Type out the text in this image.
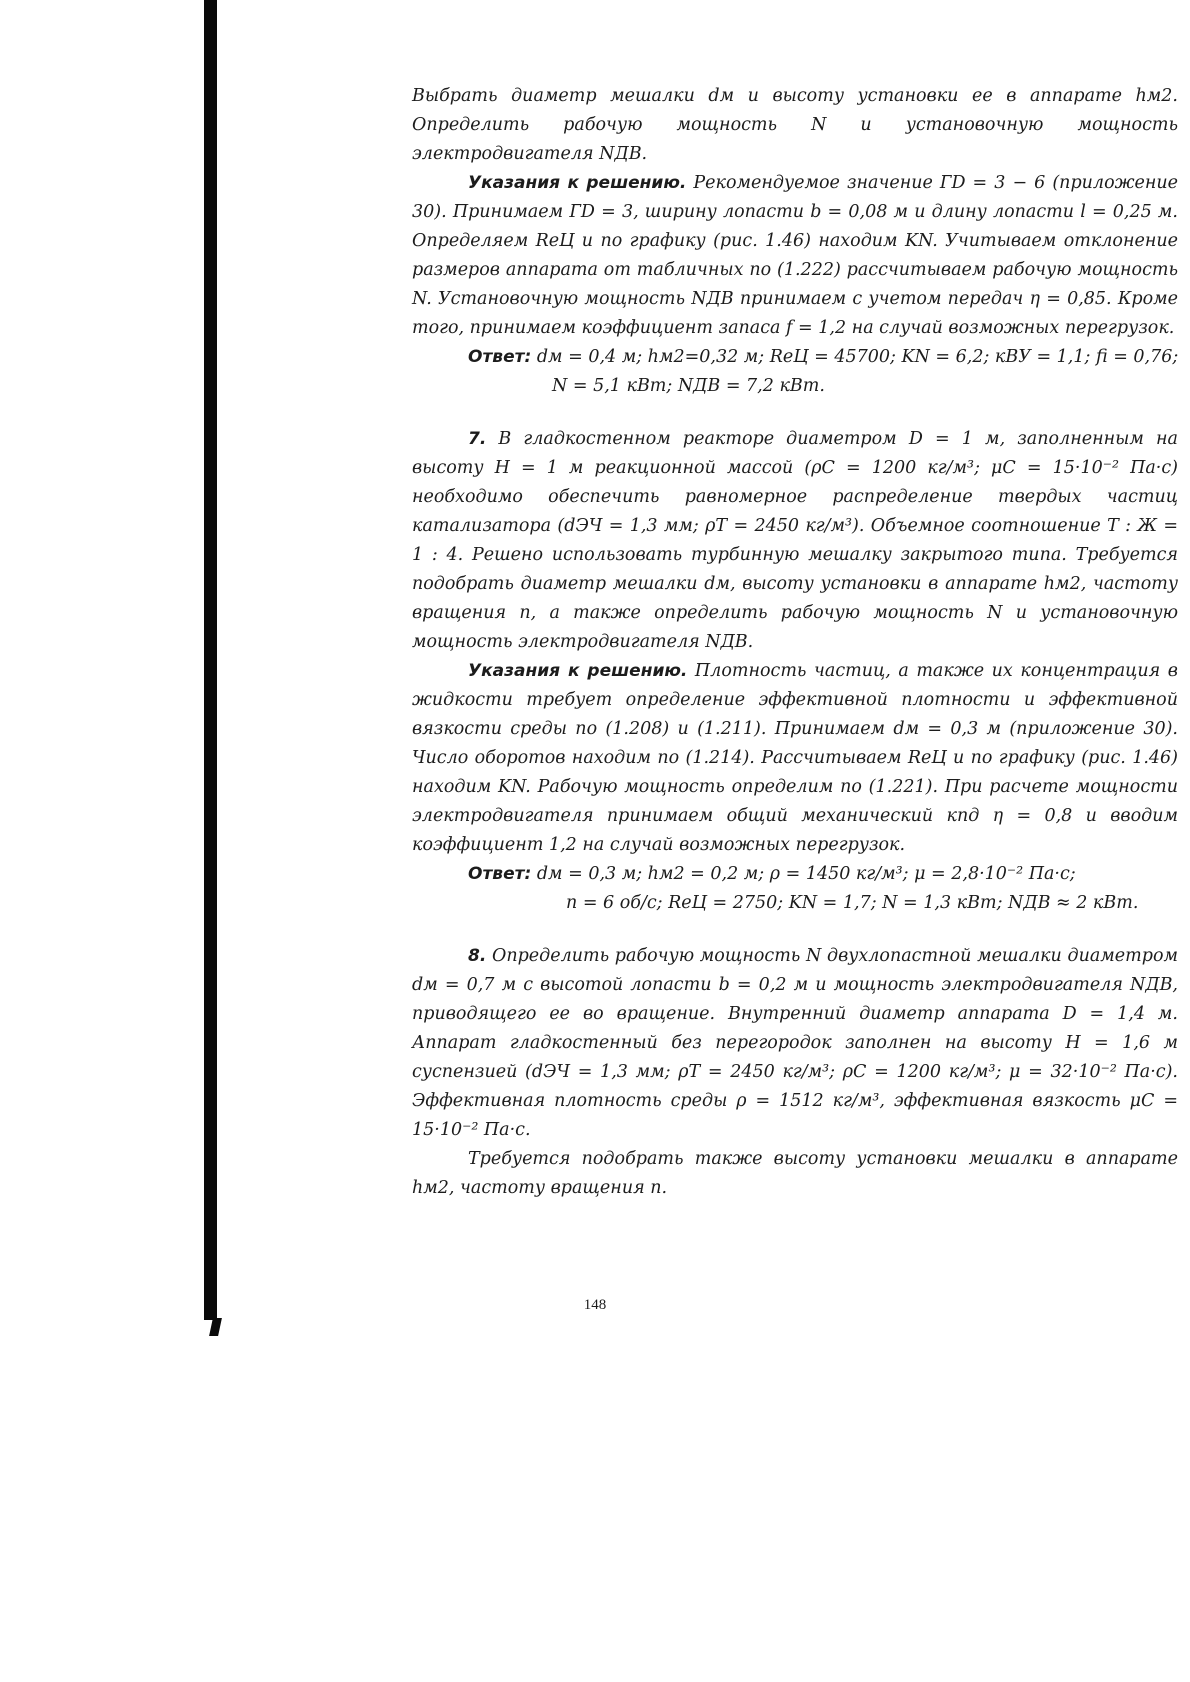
Выбрать диаметр мешалки dм и высоту установки ее в аппарате hм2. Определить рабочую мощность N и установочную мощность электродвигателя NДВ.

Указания к решению. Рекомендуемое значение ГD = 3 − 6 (приложение 30). Принимаем ГD = 3, ширину лопасти b = 0,08 м и длину лопасти l = 0,25 м. Определяем ReЦ и по графику (рис. 1.46) находим KN. Учитываем отклонение размеров аппарата от табличных по (1.222) рассчитываем рабочую мощность N. Установочную мощность NДВ принимаем с учетом передач η = 0,85. Кроме того, принимаем коэффициент запаса f = 1,2 на случай возможных перегрузок.

Ответ: dм = 0,4 м; hм2=0,32 м; ReЦ = 45700; KN = 6,2; кВУ = 1,1; fi = 0,76;
N = 5,1 кВт; NДВ = 7,2 кВт.

7. В гладкостенном реакторе диаметром D = 1 м, заполненным на высоту H = 1 м реакционной массой (ρС = 1200 кг/м³; μС = 15·10⁻² Па·с) необходимо обеспечить равномерное распределение твердых частиц катализатора (dЭЧ = 1,3 мм; ρТ = 2450 кг/м³). Объемное соотношение Т : Ж = 1 : 4. Решено использовать турбинную мешалку закрытого типа. Требуется подобрать диаметр мешалки dм, высоту установки в аппарате hм2, частоту вращения n, а также определить рабочую мощность N и установочную мощность электродвигателя NДВ.

Указания к решению. Плотность частиц, а также их концентрация в жидкости требует определение эффективной плотности и эффективной вязкости среды по (1.208) и (1.211). Принимаем dм = 0,3 м (приложение 30). Число оборотов находим по (1.214). Рассчитываем ReЦ и по графику (рис. 1.46) находим KN. Рабочую мощность определим по (1.221). При расчете мощности электродвигателя принимаем общий механический кпд η = 0,8 и вводим коэффициент 1,2 на случай возможных перегрузок.

Ответ: dм = 0,3 м; hм2 = 0,2 м; ρ = 1450 кг/м³; μ = 2,8·10⁻² Па·с;
n = 6 об/с; ReЦ = 2750; KN = 1,7; N = 1,3 кВт; NДВ ≈ 2 кВт.

8. Определить рабочую мощность N двухлопастной мешалки диаметром dм = 0,7 м с высотой лопасти b = 0,2 м и мощность электродвигателя NДВ, приводящего ее во вращение. Внутренний диаметр аппарата D = 1,4 м. Аппарат гладкостенный без перегородок заполнен на высоту H = 1,6 м суспензией (dЭЧ = 1,3 мм; ρТ = 2450 кг/м³; ρС = 1200 кг/м³; μ = 32·10⁻² Па·с). Эффективная плотность среды ρ = 1512 кг/м³, эффективная вязкость μС = 15·10⁻² Па·с.

Требуется подобрать также высоту установки мешалки в аппарате hм2, частоту вращения n.

148
